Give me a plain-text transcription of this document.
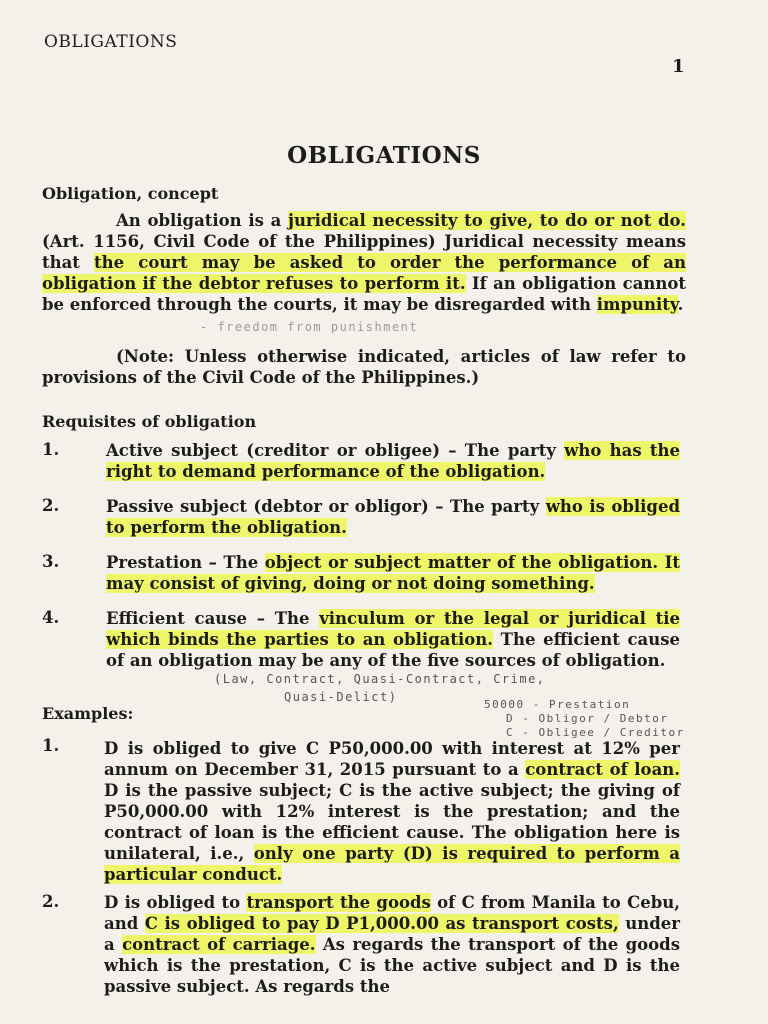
OBLIGATIONS
1
OBLIGATIONS
Obligation, concept
An obligation is a juridical necessity to give, to do or not do. (Art. 1156, Civil Code of the Philippines) Juridical necessity means that the court may be asked to order the performance of an obligation if the debtor refuses to perform it. If an obligation cannot be enforced through the courts, it may be disregarded with impunity.
- freedom from punishment
(Note: Unless otherwise indicated, articles of law refer to provisions of the Civil Code of the Philippines.)
Requisites of obligation
1.	Active subject (creditor or obligee) – The party who has the right to demand performance of the obligation.
2.	Passive subject (debtor or obligor) – The party who is obliged to perform the obligation.
3.	Prestation – The object or subject matter of the obligation. It may consist of giving, doing or not doing something.
4.	Efficient cause – The vinculum or the legal or juridical tie which binds the parties to an obligation. The efficient cause of an obligation may be any of the five sources of obligation.
(Law, Contract, Quasi-Contract, Crime,
Quasi-Delict)
Examples:	50000 - Prestation
D - Obligor / Debtor
C - Obligee / Creditor
1.	D is obliged to give C P50,000.00 with interest at 12% per annum on December 31, 2015 pursuant to a contract of loan. D is the passive subject; C is the active subject; the giving of P50,000.00 with 12% interest is the prestation; and the contract of loan is the efficient cause. The obligation here is unilateral, i.e., only one party (D) is required to perform a particular conduct.
2.	D is obliged to transport the goods of C from Manila to Cebu, and C is obliged to pay D P1,000.00 as transport costs, under a contract of carriage. As regards the transport of the goods which is the prestation, C is the active subject and D is the passive subject. As regards the
